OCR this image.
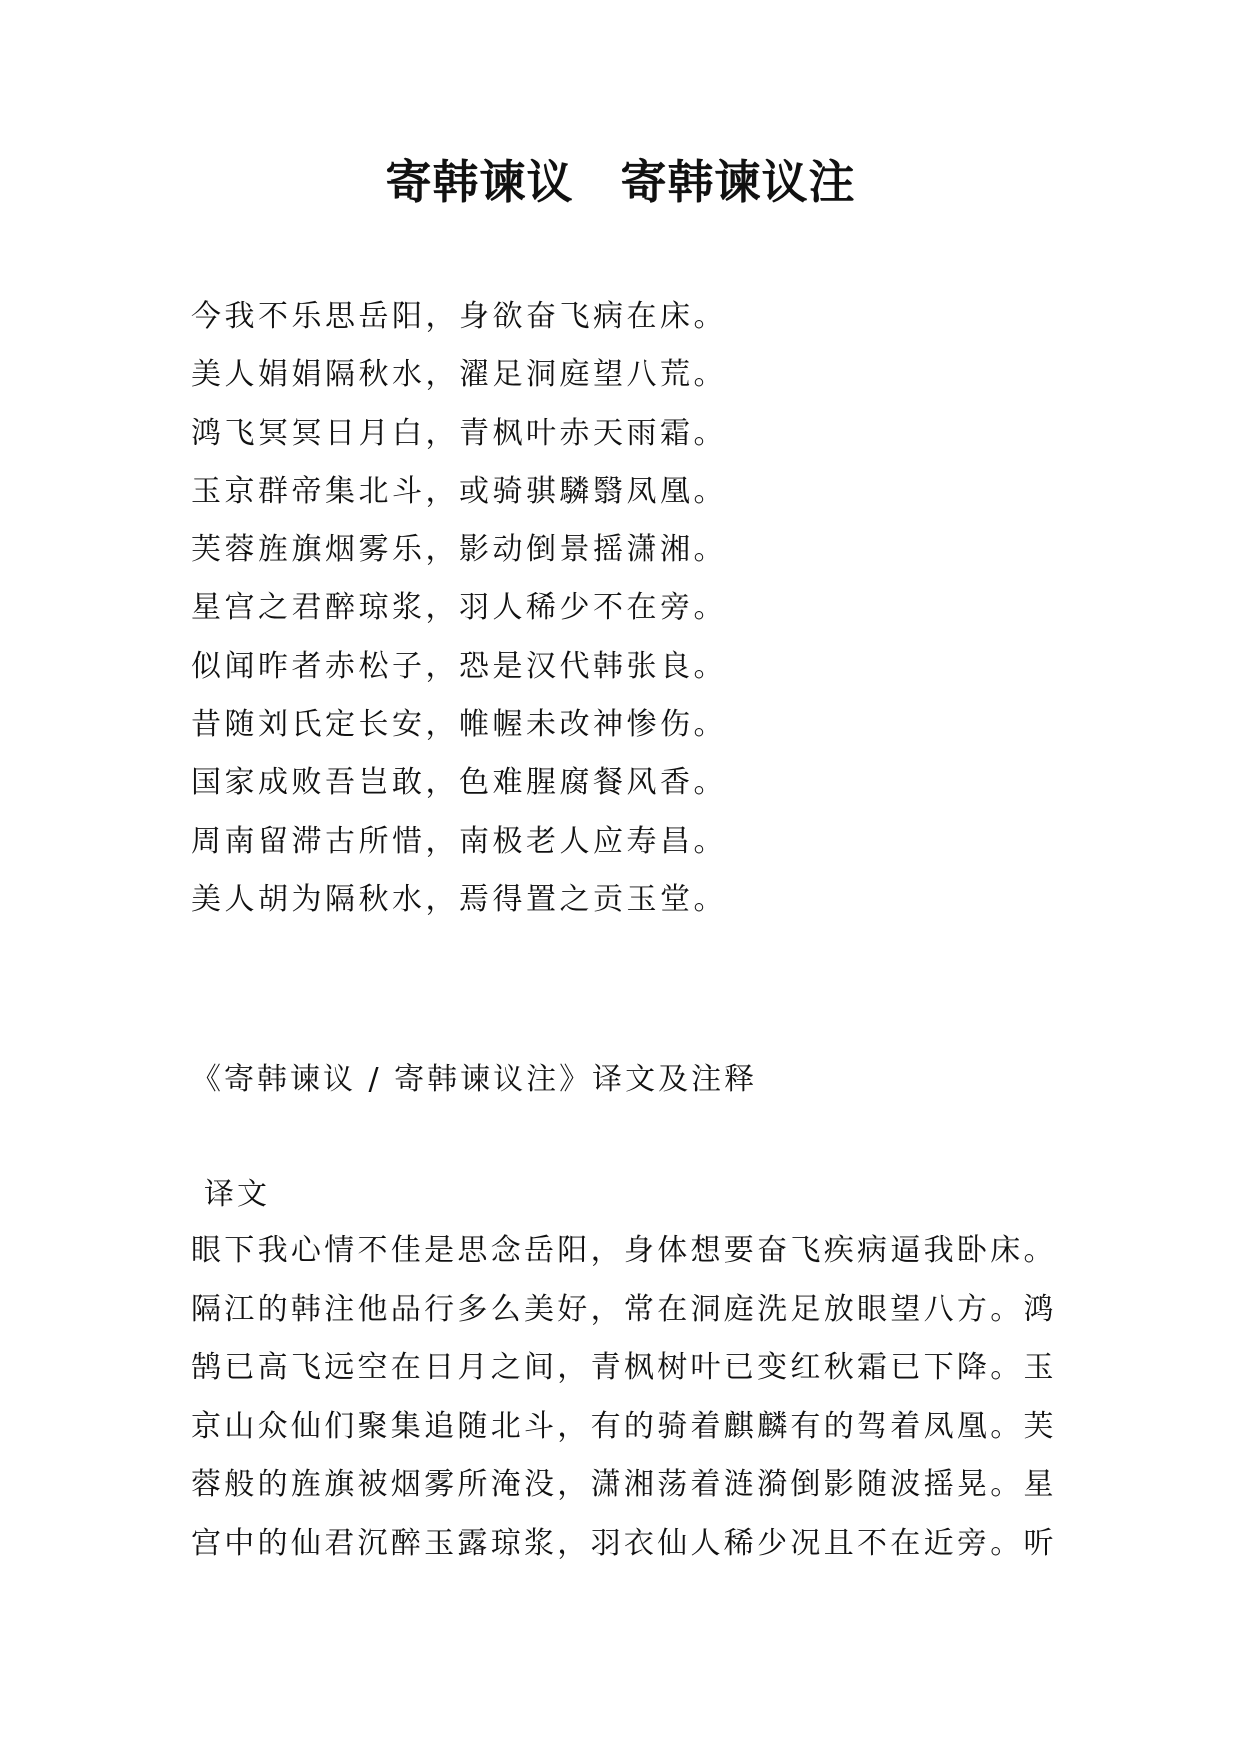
寄韩谏议　寄韩谏议注
今我不乐思岳阳，身欲奋飞病在床。
美人娟娟隔秋水，濯足洞庭望八荒。
鸿飞冥冥日月白，青枫叶赤天雨霜。
玉京群帝集北斗，或骑骐驎翳凤凰。
芙蓉旌旗烟雾乐，影动倒景摇潇湘。
星宫之君醉琼浆，羽人稀少不在旁。
似闻昨者赤松子，恐是汉代韩张良。
昔随刘氏定长安，帷幄未改神惨伤。
国家成败吾岂敢，色难腥腐餐风香。
周南留滞古所惜，南极老人应寿昌。
美人胡为隔秋水，焉得置之贡玉堂。
《寄韩谏议 / 寄韩谏议注》译文及注释
译文
眼下我心情不佳是思念岳阳，身体想要奋飞疾病逼我卧床。
隔江的韩注他品行多么美好，常在洞庭洗足放眼望八方。鸿
鹄已高飞远空在日月之间，青枫树叶已变红秋霜已下降。玉
京山众仙们聚集追随北斗，有的骑着麒麟有的驾着凤凰。芙
蓉般的旌旗被烟雾所淹没，潇湘荡着涟漪倒影随波摇晃。星
宫中的仙君沉醉玉露琼浆，羽衣仙人稀少况且不在近旁。听
